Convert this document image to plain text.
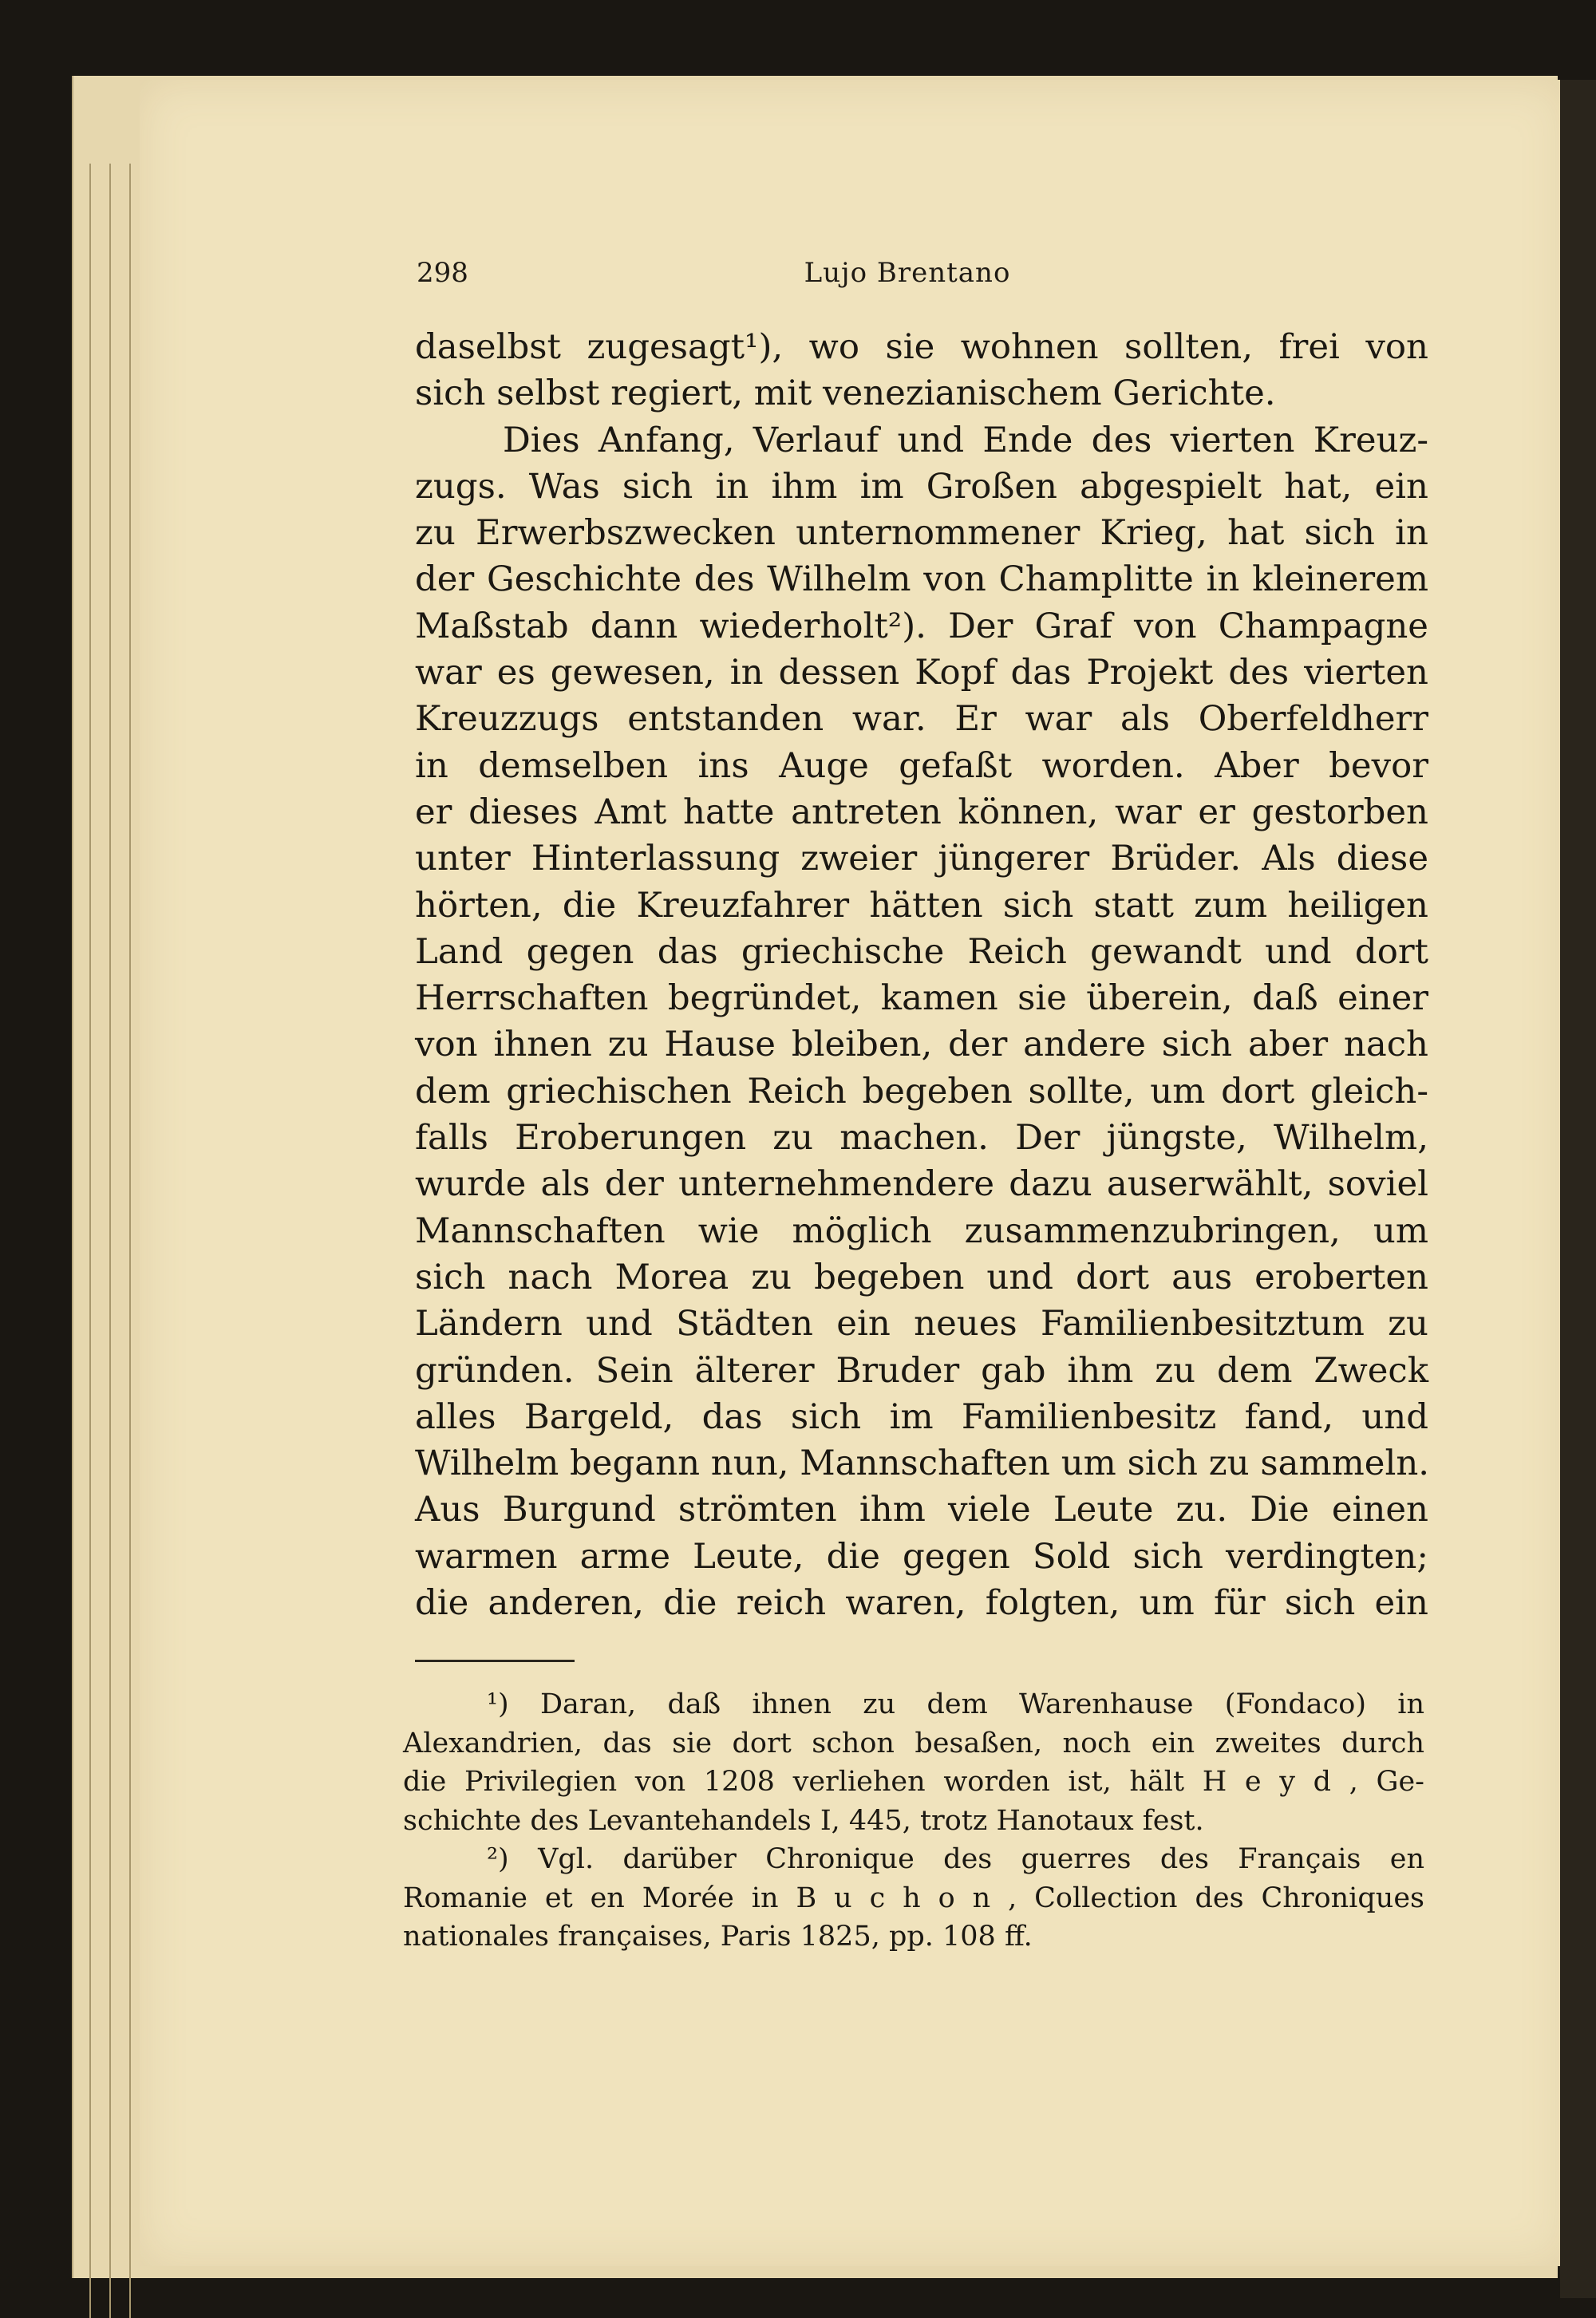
298	Lujo Brentano
daselbst zugesagt¹), wo sie wohnen sollten, frei von
sich selbst regiert, mit venezianischem Gerichte.
Dies Anfang, Verlauf und Ende des vierten Kreuz-
zugs. Was sich in ihm im Großen abgespielt hat, ein
zu Erwerbszwecken unternommener Krieg, hat sich in
der Geschichte des Wilhelm von Champlitte in kleinerem
Maßstab dann wiederholt²). Der Graf von Champagne
war es gewesen, in dessen Kopf das Projekt des vierten
Kreuzzugs entstanden war. Er war als Oberfeldherr
in demselben ins Auge gefaßt worden. Aber bevor
er dieses Amt hatte antreten können, war er gestorben
unter Hinterlassung zweier jüngerer Brüder. Als diese
hörten, die Kreuzfahrer hätten sich statt zum heiligen
Land gegen das griechische Reich gewandt und dort
Herrschaften begründet, kamen sie überein, daß einer
von ihnen zu Hause bleiben, der andere sich aber nach
dem griechischen Reich begeben sollte, um dort gleich-
falls Eroberungen zu machen. Der jüngste, Wilhelm,
wurde als der unternehmendere dazu auserwählt, soviel
Mannschaften wie möglich zusammenzubringen, um
sich nach Morea zu begeben und dort aus eroberten
Ländern und Städten ein neues Familienbesitztum zu
gründen. Sein älterer Bruder gab ihm zu dem Zweck
alles Bargeld, das sich im Familienbesitz fand, und
Wilhelm begann nun, Mannschaften um sich zu sammeln.
Aus Burgund strömten ihm viele Leute zu. Die einen
warmen arme Leute, die gegen Sold sich verdingten;
die anderen, die reich waren, folgten, um für sich ein
¹) Daran, daß ihnen zu dem Warenhause (Fondaco) in
Alexandrien, das sie dort schon besaßen, noch ein zweites durch
die Privilegien von 1208 verliehen worden ist, hält H e y d , Ge-
schichte des Levantehandels I, 445, trotz Hanotaux fest.
²) Vgl. darüber Chronique des guerres des Français en
Romanie et en Morée in B u c h o n , Collection des Chroniques
nationales françaises, Paris 1825, pp. 108 ff.
